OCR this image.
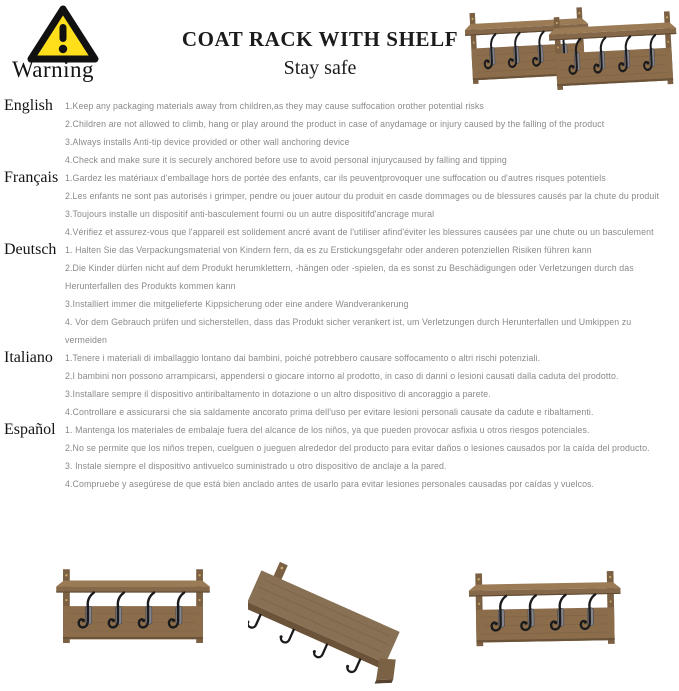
Warning
COAT RACK WITH SHELF
Stay safe
English	1.Keep any packaging materials away from children,as they may cause suffocation orother potential risks

2.Children are not allowed to climb, hang or play around the product in case of anydamage or injury caused by the falling of the product

3.Always installs Anti-tip device provided or other wall anchoring device

4.Check and make sure it is securely anchored before use to avoid personal injurycaused by falling and tipping

Français 1.Gardez les matériaux d'emballage hors de portée des enfants, car ils peuventprovoquer une suffocation ou d'autres risques potentiels

2.Les enfants ne sont pas autorisés i grimper, pendre ou jouer autour du produit en casde dommages ou de blessures causés par la chute du produit

3.Toujours installe un dispositif anti-basculement fourni ou un autre dispositifd'ancrage mural

4.Vérifiez et assurez-vous que l'appareil est solidement ancré avant de l'utiliser afind'éviter les blessures causées par une chute ou un basculement

Deutsch 1. Halten Sie das Verpackungsmaterial von Kindern fern, da es zu Erstickungsgefahr oder anderen potenziellen Risiken führen kann

2.Die Kinder dürfen nicht auf dem Produkt herumklettern, -hängen oder -spielen, da es sonst zu Beschädigungen oder Verletzungen durch das Herunterfallen des Produkts kommen kann

3.Installiert immer die mitgelieferte Kippsicherung oder eine andere Wandverankerung

4. Vor dem Gebrauch prüfen und sicherstellen, dass das Produkt sicher verankert ist, um Verletzungen durch Herunterfallen und Umkippen zu vermeiden

Italiano	1.Tenere i materiali di imballaggio lontano dai bambini, poiché potrebbero causare soffocamento o altri rischi potenziali.

2.I bambini non possono arrampicarsi, appendersi o giocare intorno al prodotto, in caso di danni o lesioni causati dalla caduta del prodotto.

3.Installare sempre il dispositivo antiribaltamento in dotazione o un altro dispositivo di ancoraggio a parete.

4.Controllare e assicurarsi che sia saldamente ancorato prima dell'uso per evitare lesioni personali causate da cadute e ribaltamenti.

Español	1. Mantenga los materiales de embalaje fuera del alcance de los niños, ya que pueden provocar asfixia u otros riesgos potenciales.

2.No se permite que los niños trepen, cuelguen o jueguen alrededor del producto para evitar daños o lesiones causados por la caída del producto.

3. Instale siempre el dispositivo antivuelco suministrado u otro dispositivo de anclaje a la pared.

4.Compruebe y asegúrese de que está bien anclado antes de usarlo para evitar lesiones personales causadas por caídas y vuelcos.
